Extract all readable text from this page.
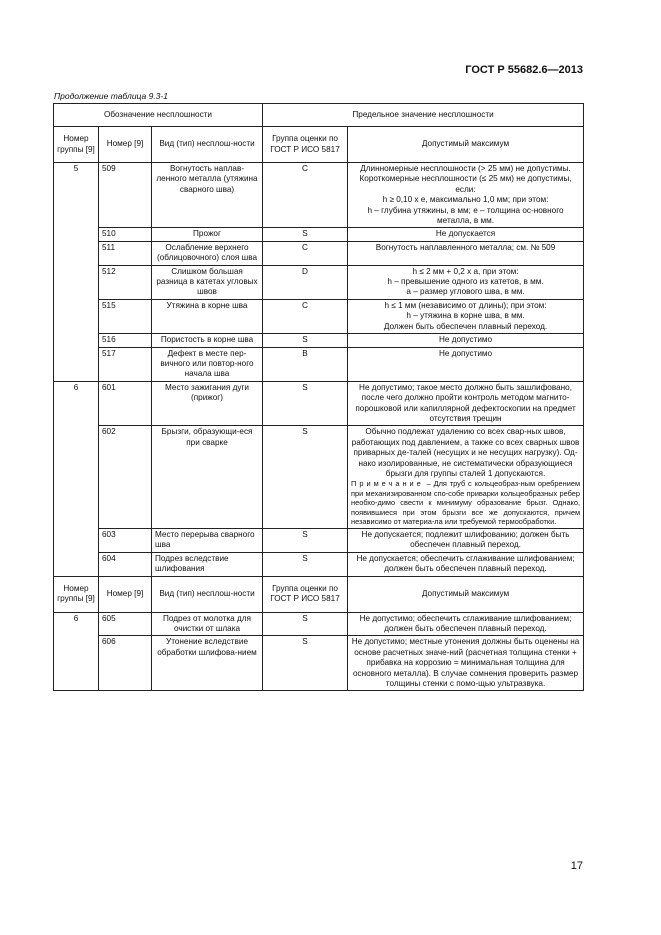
ГОСТ Р 55682.6—2013
Продолжение таблица 9.3-1
Обозначение несплошности			Предельное значение несплошности	
Номер группы [9]	Номер [9]	Вид (тип) несплош-ности	Группа оценки по ГОСТ Р ИСО 5817	Допустимый максимум
5	509	Вогнутость наплав-ленного металла (утяжина сварного шва)	C	Длинномерные несплошности (> 25 мм) не допустимы. Короткомерные несплошности (≤ 25 мм) не допустимы, если:
h ≥ 0,10 х е, максимально 1,0 мм; при этом:
h – глубина утяжины, в мм; е – толщина ос-новного металла, в мм.

	510	Прожог	S	Не допускается
	511	Ослабление верхнего (облицовочного) слоя шва	C	Вогнутость наплавленного металла; см. № 509
	512	Слишком большая разница в катетах угловых швов	D	h ≤ 2 мм + 0,2 х а, при этом:
h – превышение одного из катетов, в мм.
а – размер углового шва, в мм.

	515	Утяжина в корне шва	C	h ≤ 1 мм (независимо от длины); при этом:
h – утяжина в корне шва, в мм.
Должен быть обеспечен плавный переход.

	516	Пористость в корне шва	S	Не допустимо
	517	Дефект в месте пер-вичного или повтор-ного начала шва	B	Не допустимо
6	601	Место зажигания дуги (прижог)	S	Не допустимо; такое место должно быть зашлифовано, после чего должно пройти контроль методом магнито-порошковой или капиллярной дефектоскопии на предмет отсутствия трещин
	602	Брызги, образующи-еся при сварке	S	Обычно подлежат удалению со всех свар-ных швов, работающих под давлением, а также со всех сварных швов приварных де-талей (несущих и не несущих нагрузку). Од-нако изолированные, не систематически образующиеся брызги для группы сталей 1 допускаются.
Примечание – Для труб с кольцеобраз-ным оребрением при механизированном спо-собе приварки кольцеобразных ребер необхо-димо свести к минимуму образование брызг. Однако, появившиеся при этом брызги все же допускаются, причем независимо от материа-ла или требуемой термообработки.

	603	Место перерыва сварного шва	S	Не допускается; подлежит шлифованию; должен быть обеспечен плавный переход.
	604	Подрез вследствие шлифования	S	Не допускается; обеспечить сглаживание шлифованием; должен быть обеспечен плавный переход.
Номер группы [9]	Номер [9]	Вид (тип) несплош-ности	Группа оценки по ГОСТ Р ИСО 5817	Допустимый максимум
6	605	Подрез от молотка для очистки от шлака	S	Не допустимо; обеспечить сглаживание шлифованием; должен быть обеспечен плавный переход.
	606	Утонение вследствие обработки шлифова-нием	S	Не допустимо; местные утонения должны быть оценены на основе расчетных значе-ний (расчетная толщина стенки + прибавка на коррозию = минимальная толщина для основного металла). В случае сомнения проверить размер толщины стенки с помо-щью ультразвука.
17
